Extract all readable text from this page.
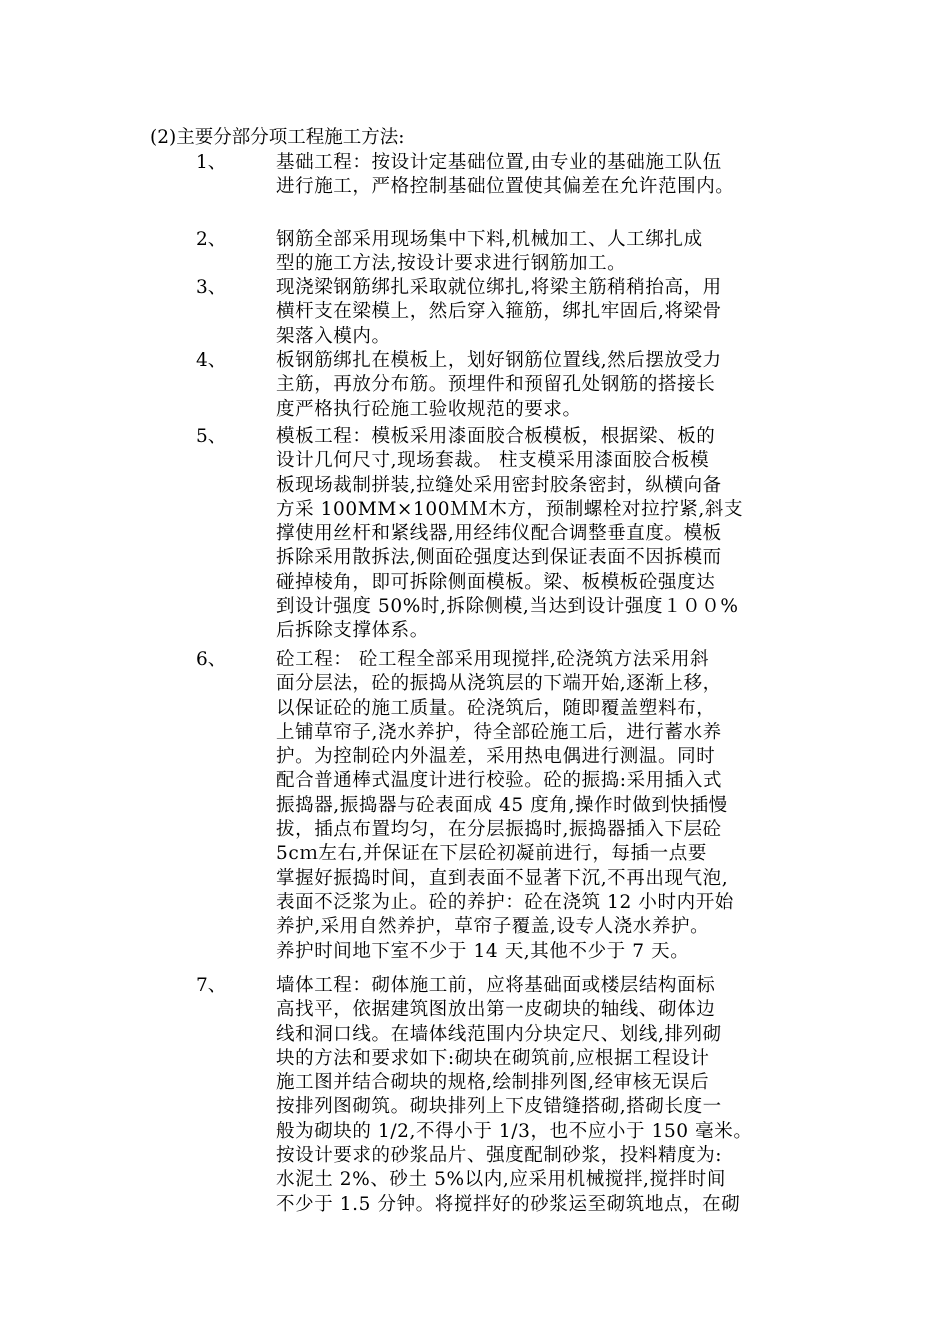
(2)主要分部分项工程施工方法:
1、	基础工程：按设计定基础位置,由专业的基础施工队伍
进行施工，严格控制基础位置使其偏差在允许范围内。
2、	钢筋全部采用现场集中下料,机械加工、人工绑扎成
型的施工方法,按设计要求进行钢筋加工。
3、	现浇梁钢筋绑扎采取就位绑扎,将梁主筋稍稍抬高，用
横杆支在梁模上，然后穿入箍筋，绑扎牢固后,将梁骨
架落入模内。
4、	板钢筋绑扎在模板上，划好钢筋位置线,然后摆放受力
主筋，再放分布筋。预埋件和预留孔处钢筋的搭接长
度严格执行砼施工验收规范的要求。
5、	模板工程：模板采用漆面胶合板模板，根据梁、板的
设计几何尺寸,现场套裁。 柱支模采用漆面胶合板模
板现场裁制拼装,拉缝处采用密封胶条密封，纵横向备
方采 100MM×100ＭＭ木方，预制螺栓对拉拧紧,斜支
撑使用丝杆和紧线器,用经纬仪配合调整垂直度。模板
拆除采用散拆法,侧面砼强度达到保证表面不因拆模而
碰掉棱角，即可拆除侧面模板。梁、板模板砼强度达
到设计强度 50%时,拆除侧模,当达到设计强度１００%
后拆除支撑体系。
6、	砼工程： 砼工程全部采用现搅拌,砼浇筑方法采用斜
面分层法，砼的振捣从浇筑层的下端开始,逐渐上移，
以保证砼的施工质量。砼浇筑后，随即覆盖塑料布，
上铺草帘子,浇水养护，待全部砼施工后，进行蓄水养
护。为控制砼内外温差，采用热电偶进行测温。同时
配合普通棒式温度计进行校验。砼的振捣:采用插入式
振捣器,振捣器与砼表面成 45 度角,操作时做到快插慢
拔，插点布置均匀，在分层振捣时,振捣器插入下层砼
5cｍ左右,并保证在下层砼初凝前进行，每插一点要
掌握好振捣时间，直到表面不显著下沉,不再出现气泡,
表面不泛浆为止。砼的养护：砼在浇筑 12 小时内开始
养护,采用自然养护，草帘子覆盖,设专人浇水养护。
养护时间地下室不少于 14 天,其他不少于 7 天。
7、	墙体工程：砌体施工前，应将基础面或楼层结构面标
高找平，依据建筑图放出第一皮砌块的轴线、砌体边
线和洞口线。在墙体线范围内分块定尺、划线,排列砌
块的方法和要求如下:砌块在砌筑前,应根据工程设计
施工图并结合砌块的规格,绘制排列图,经审核无误后
按排列图砌筑。砌块排列上下皮错缝搭砌,搭砌长度一
般为砌块的 1/2,不得小于 1/3，也不应小于 150 毫米。
按设计要求的砂浆品片、强度配制砂浆，投料精度为:
水泥土 2%、砂土 5%以内,应采用机械搅拌,搅拌时间
不少于 1.5 分钟。将搅拌好的砂浆运至砌筑地点，在砌
